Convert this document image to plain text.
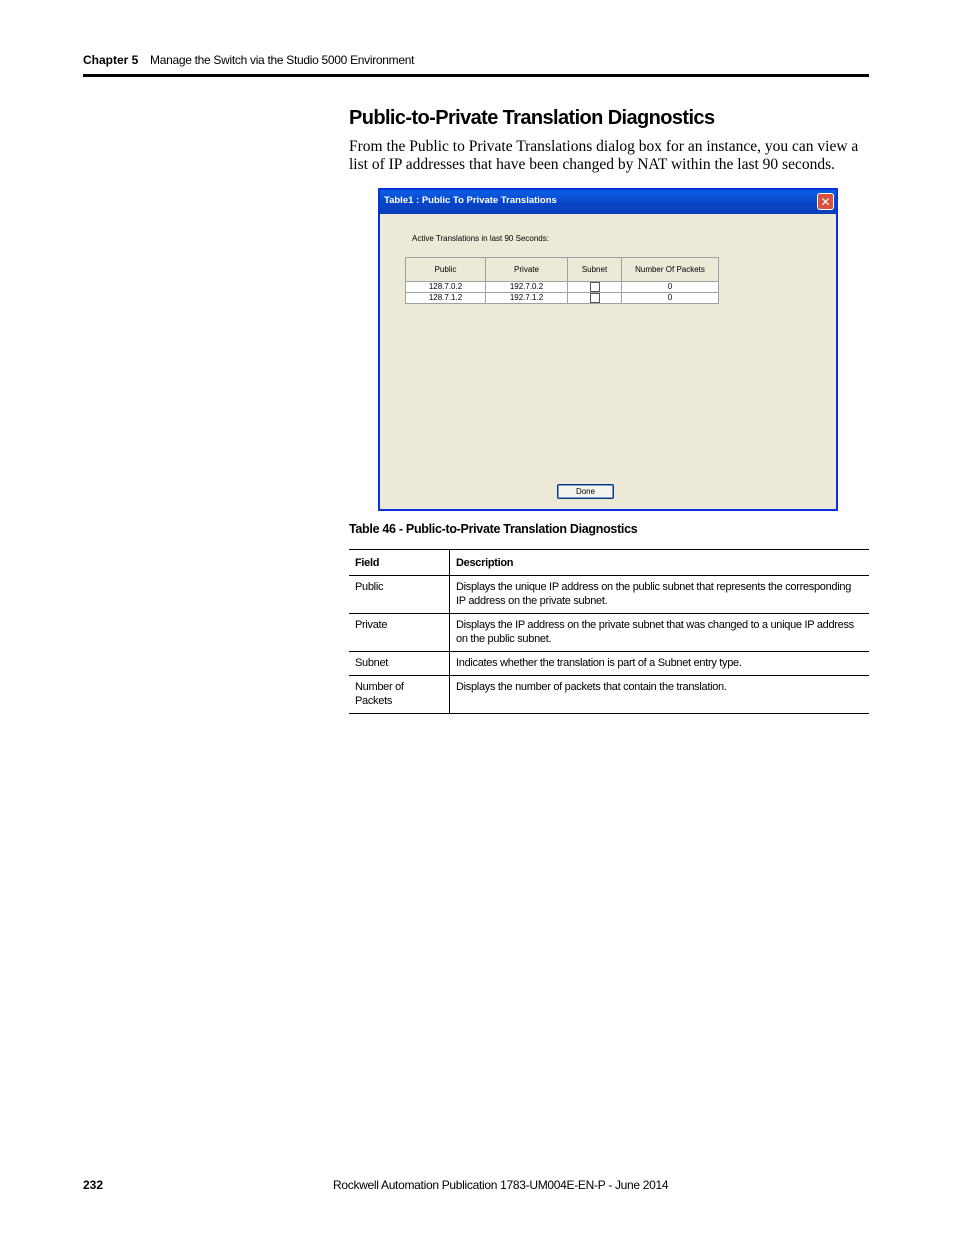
Chapter 5 Manage the Switch via the Studio 5000 Environment
Public-to-Private Translation Diagnostics
From the Public to Private Translations dialog box for an instance, you can view a list of IP addresses that have been changed by NAT within the last 90 seconds.
Table1 : Public To Private Translations	✕
Active Translations in last 90 Seconds:
Public	Private	Subnet	Number Of Packets
128.7.0.2	192.7.0.2		0
128.7.1.2	192.7.1.2		0
Done
Table 46 - Public-to-Private Translation Diagnostics
Field	Description
Public	Displays the unique IP address on the public subnet that represents the corresponding IP address on the private subnet.
Private	Displays the IP address on the private subnet that was changed to a unique IP address on the public subnet.
Subnet	Indicates whether the translation is part of a Subnet entry type.
Number of Packets	Displays the number of packets that contain the translation.
232	Rockwell Automation Publication 1783-UM004E-EN-P - June 2014
